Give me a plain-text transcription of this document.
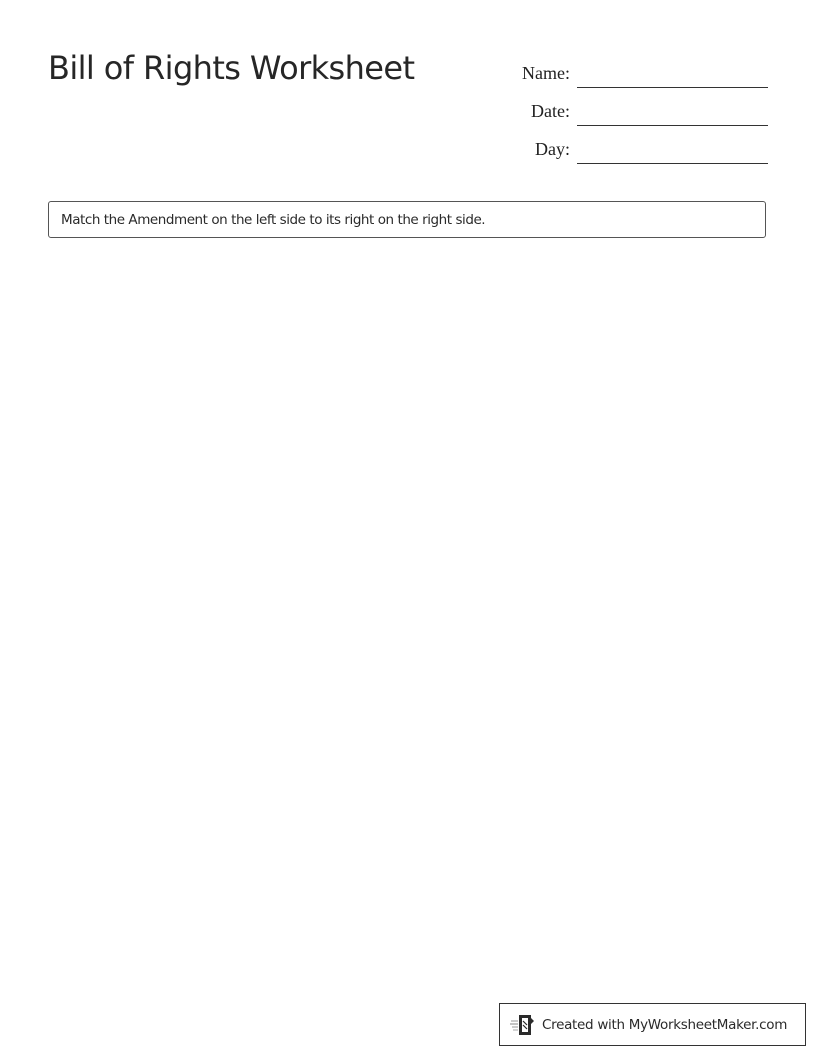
Bill of Rights Worksheet	Name:
Date:
Day:
Match the Amendment on the left side to its right on the right side.
Created with MyWorksheetMaker.com
